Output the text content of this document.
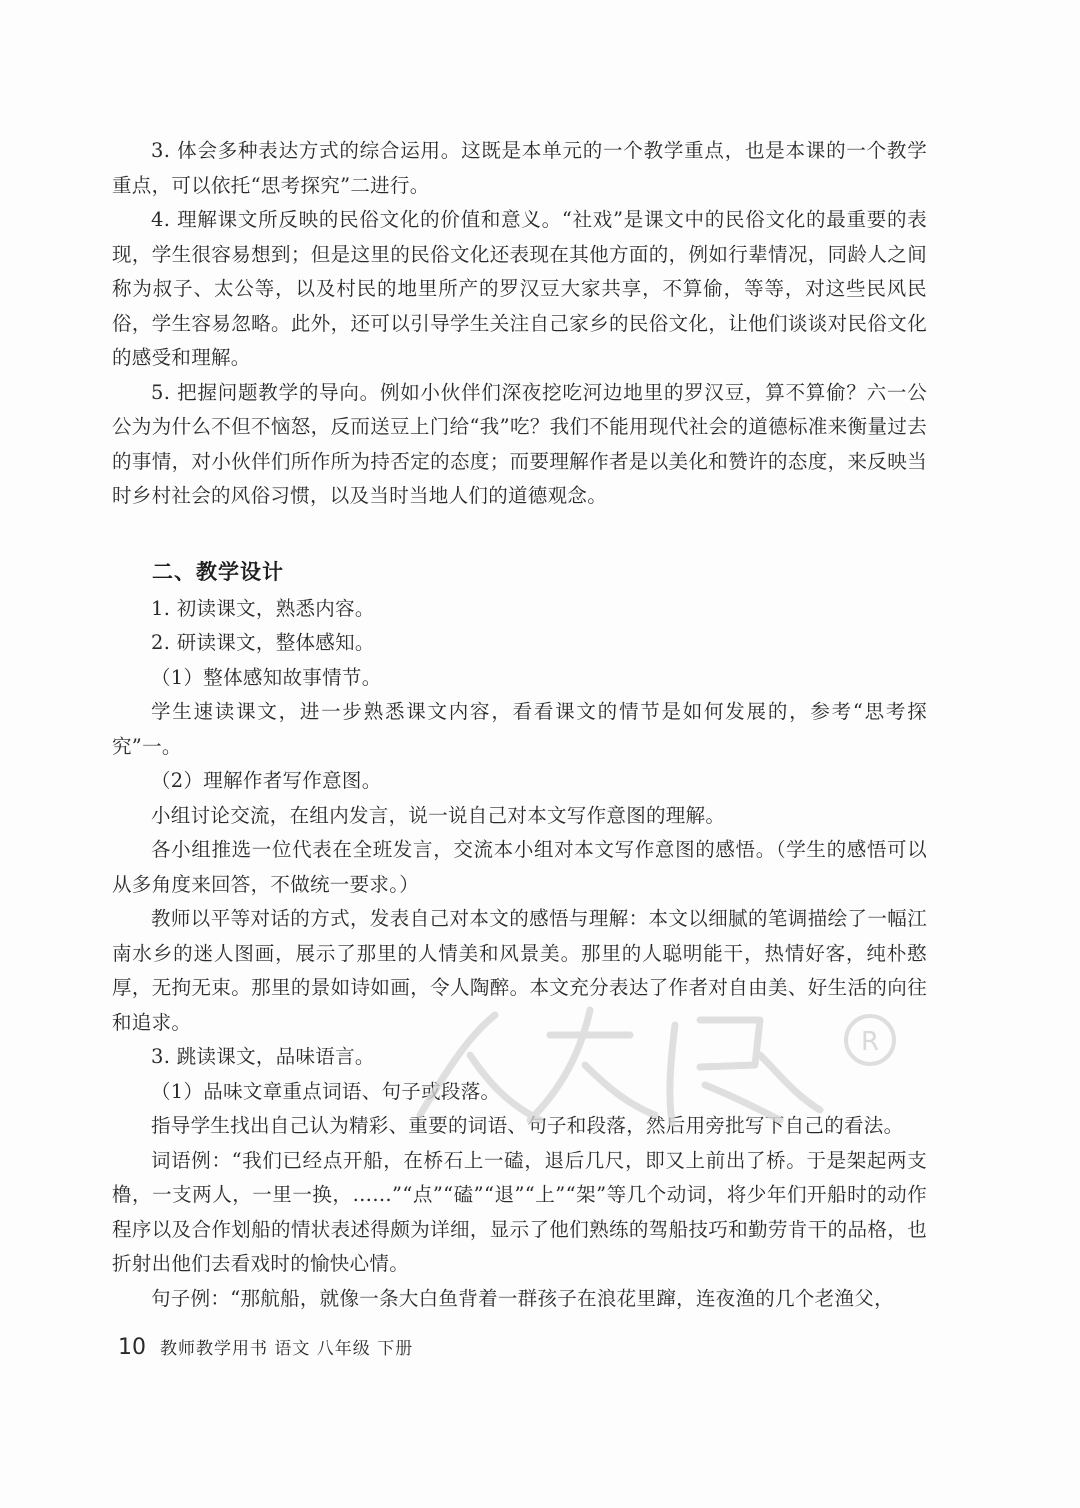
3. 体会多种表达方式的综合运用。这既是本单元的一个教学重点，也是本课的一个教学重点，可以依托“思考探究”二进行。

4. 理解课文所反映的民俗文化的价值和意义。“社戏”是课文中的民俗文化的最重要的表现，学生很容易想到；但是这里的民俗文化还表现在其他方面的，例如行辈情况，同龄人之间称为叔子、太公等，以及村民的地里所产的罗汉豆大家共享，不算偷，等等，对这些民风民俗，学生容易忽略。此外，还可以引导学生关注自己家乡的民俗文化，让他们谈谈对民俗文化的感受和理解。

5. 把握问题教学的导向。例如小伙伴们深夜挖吃河边地里的罗汉豆，算不算偷？六一公公为为什么不但不恼怒，反而送豆上门给“我”吃？我们不能用现代社会的道德标准来衡量过去的事情，对小伙伴们所作所为持否定的态度；而要理解作者是以美化和赞许的态度，来反映当时乡村社会的风俗习惯，以及当时当地人们的道德观念。

二、教学设计

1. 初读课文，熟悉内容。

2. 研读课文，整体感知。

（1）整体感知故事情节。

学生速读课文，进一步熟悉课文内容，看看课文的情节是如何发展的，参考“思考探究”一。

（2）理解作者写作意图。

小组讨论交流，在组内发言，说一说自己对本文写作意图的理解。

各小组推选一位代表在全班发言，交流本小组对本文写作意图的感悟。（学生的感悟可以从多角度来回答，不做统一要求。）

教师以平等对话的方式，发表自己对本文的感悟与理解：本文以细腻的笔调描绘了一幅江南水乡的迷人图画，展示了那里的人情美和风景美。那里的人聪明能干，热情好客，纯朴憨厚，无拘无束。那里的景如诗如画，令人陶醉。本文充分表达了作者对自由美、好生活的向往和追求。

3. 跳读课文，品味语言。

（1）品味文章重点词语、句子或段落。

指导学生找出自己认为精彩、重要的词语、句子和段落，然后用旁批写下自己的看法。

词语例：“我们已经点开船，在桥石上一磕，退后几尺，即又上前出了桥。于是架起两支橹，一支两人，一里一换，……”“点”“磕”“退”“上”“架”等几个动词，将少年们开船时的动作程序以及合作划船的情状表述得颇为详细，显示了他们熟练的驾船技巧和勤劳肯干的品格，也折射出他们去看戏时的愉快心情。

句子例：“那航船，就像一条大白鱼背着一群孩子在浪花里蹿，连夜渔的几个老渔父，

R
10 教师教学用书 语文 八年级 下册
